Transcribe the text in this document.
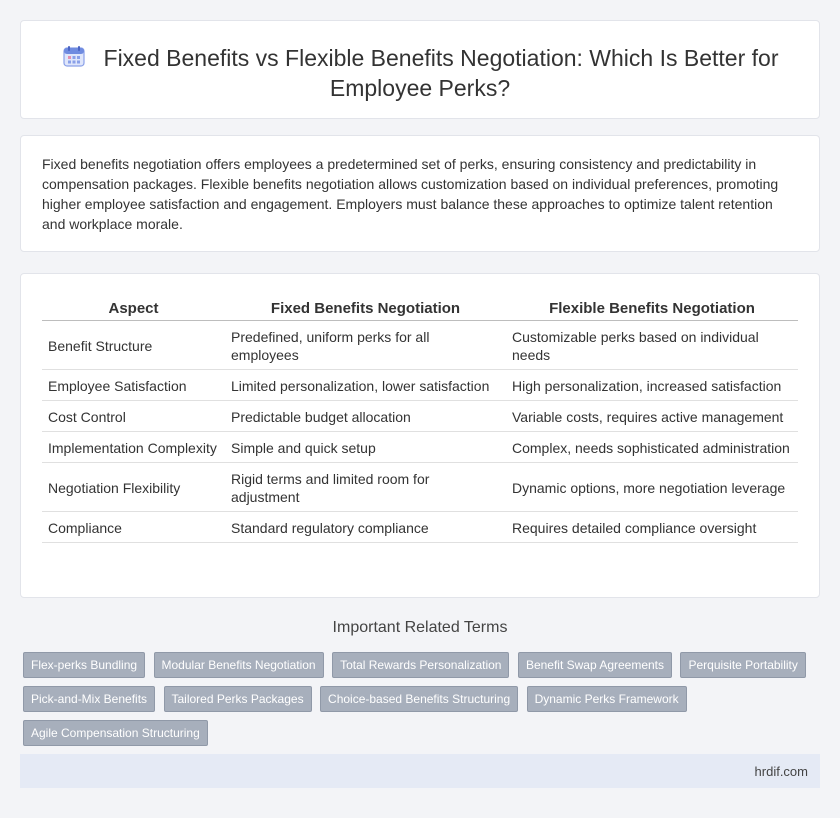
Fixed Benefits vs Flexible Benefits Negotiation: Which Is Better for Employee Perks?

Fixed benefits negotiation offers employees a predetermined set of perks, ensuring consistency and predictability in compensation packages. Flexible benefits negotiation allows customization based on individual preferences, promoting higher employee satisfaction and engagement. Employers must balance these approaches to optimize talent retention and workplace morale.

Aspect	Fixed Benefits Negotiation	Flexible Benefits Negotiation
Benefit Structure	Predefined, uniform perks for all employees	Customizable perks based on individual needs
Employee Satisfaction	Limited personalization, lower satisfaction	High personalization, increased satisfaction
Cost Control	Predictable budget allocation	Variable costs, requires active management
Implementation Complexity	Simple and quick setup	Complex, needs sophisticated administration
Negotiation Flexibility	Rigid terms and limited room for adjustment	Dynamic options, more negotiation leverage
Compliance	Standard regulatory compliance	Requires detailed compliance oversight
Important Related Terms
Flex-perks Bundling Modular Benefits Negotiation Total Rewards Personalization Benefit Swap Agreements Perquisite Portability Pick-and-Mix Benefits Tailored Perks Packages Choice-based Benefits Structuring Dynamic Perks Framework Agile Compensation Structuring
hrdif.com
